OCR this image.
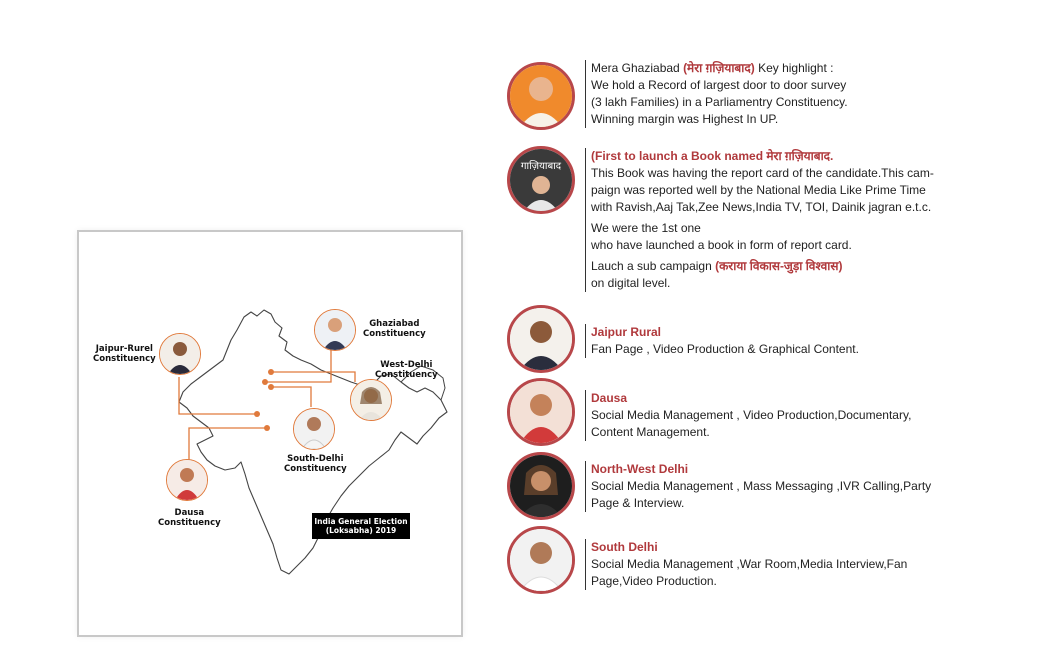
Jaipur-Rurel
Constituency
Ghaziabad
Constituency
West-Delhi
Constituency
South-Delhi
Constituency
Dausa
Constituency	India General Election
(Loksabha) 2019

Mera Ghaziabad (मेरा ग़ज़ियाबाद) Key highlight :

We hold a Record of largest door to door survey

(3 lakh Families) in a Parliamentry Constituency.

Winning margin was Highest In UP.

गाज़ियाबाद

(First to launch a Book named मेरा ग़ज़ियाबाद.

This Book was having the report card of the candidate.This cam-

paign was reported well by the National Media Like Prime Time

with Ravish,Aaj Tak,Zee News,India TV, TOI, Dainik jagran e.t.c.

We were the 1st one

who have launched a book in form of report card.

Lauch a sub campaign (कराया विकास-जुड़ा विश्वास)

on digital level.

Jaipur Rural

Fan Page , Video Production & Graphical Content.

Dausa

Social Media Management , Video Production,Documentary,

Content Management.

North-West Delhi

Social Media Management , Mass Messaging ,IVR Calling,Party

Page & Interview.

South Delhi

Social Media Management ,War Room,Media Interview,Fan

Page,Video Production.
